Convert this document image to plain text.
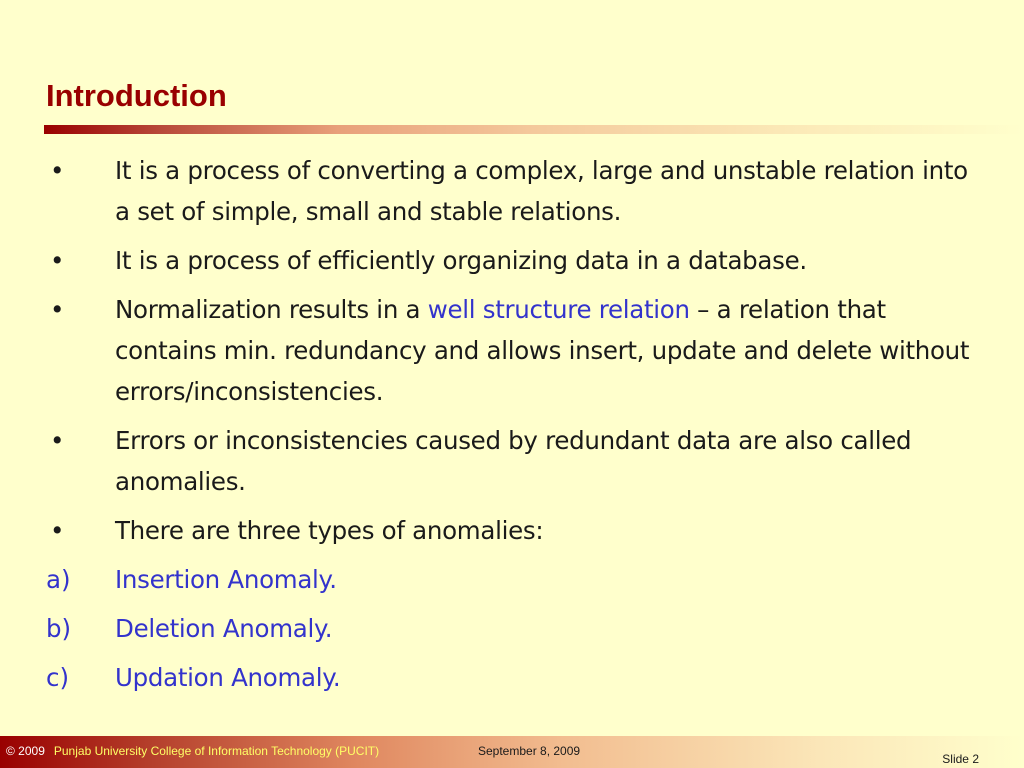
Introduction
•	It is a process of converting a complex, large and unstable relation into a set of simple, small and stable relations.
•	It is a process of efficiently organizing data in a database.
•	Normalization results in a well structure relation – a relation that contains min. redundancy and allows insert, update and delete without errors/inconsistencies.
•	Errors or inconsistencies caused by redundant data are also called anomalies.
•	There are three types of anomalies:
a)	Insertion Anomaly.
b)	Deletion Anomaly.
c)	Updation Anomaly.
© 2009 Punjab University College of Information Technology (PUCIT)	September 8, 2009
Slide 2
